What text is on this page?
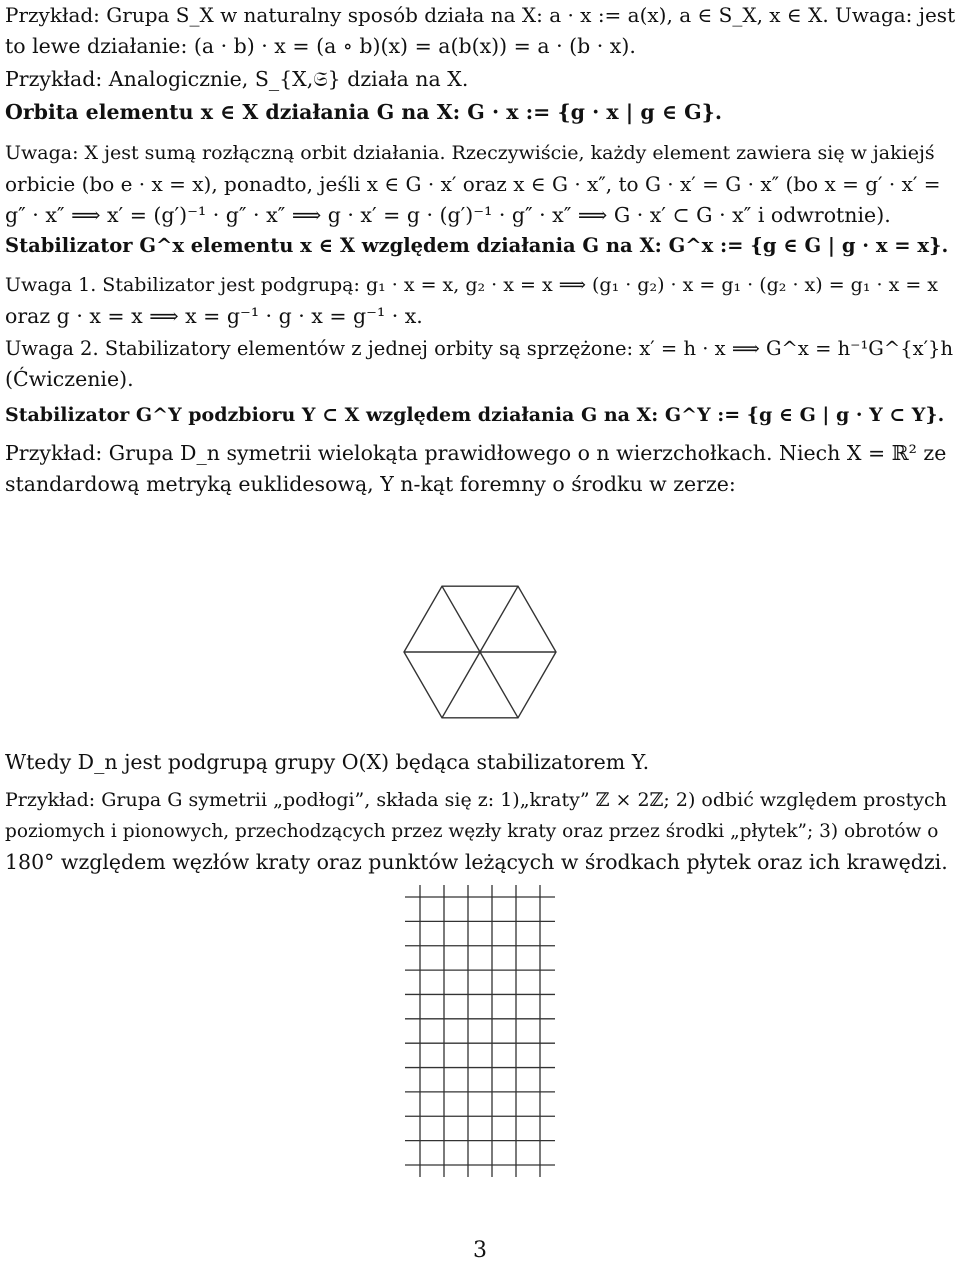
Przykład: Grupa S_X w naturalny sposób działa na X: a · x := a(x), a ∈ S_X, x ∈ X. Uwaga: jest
to lewe działanie: (a · b) · x = (a ∘ b)(x) = a(b(x)) = a · (b · x).
Przykład: Analogicznie, S_{X,𝔖} działa na X.
Orbita elementu x ∈ X działania G na X: G · x := {g · x | g ∈ G}.
Uwaga: X jest sumą rozłączną orbit działania. Rzeczywiście, każdy element zawiera się w jakiejś
orbicie (bo e · x = x), ponadto, jeśli x ∈ G · x′ oraz x ∈ G · x″, to G · x′ = G · x″ (bo x = g′ · x′ =
g″ · x″ ⟹ x′ = (g′)⁻¹ · g″ · x″ ⟹ g · x′ = g · (g′)⁻¹ · g″ · x″ ⟹ G · x′ ⊂ G · x″ i odwrotnie).
Stabilizator G^x elementu x ∈ X względem działania G na X: G^x := {g ∈ G | g · x = x}.
Uwaga 1. Stabilizator jest podgrupą: g₁ · x = x, g₂ · x = x ⟹ (g₁ · g₂) · x = g₁ · (g₂ · x) = g₁ · x = x
oraz g · x = x ⟹ x = g⁻¹ · g · x = g⁻¹ · x.
Uwaga 2. Stabilizatory elementów z jednej orbity są sprzężone: x′ = h · x ⟹ G^x = h⁻¹G^{x′}h
(Ćwiczenie).
Stabilizator G^Y podzbioru Y ⊂ X względem działania G na X: G^Y := {g ∈ G | g · Y ⊂ Y}.
Przykład: Grupa D_n symetrii wielokąta prawidłowego o n wierzchołkach. Niech X = ℝ² ze
standardową metryką euklidesową, Y n-kąt foremny o środku w zerze:
Wtedy D_n jest podgrupą grupy O(X) będąca stabilizatorem Y.
Przykład: Grupa G symetrii „podłogi”, składa się z: 1)„kraty” ℤ × 2ℤ; 2) odbić względem prostych
poziomych i pionowych, przechodzących przez węzły kraty oraz przez środki „płytek”; 3) obrotów o
180° względem węzłów kraty oraz punktów leżących w środkach płytek oraz ich krawędzi.
3
